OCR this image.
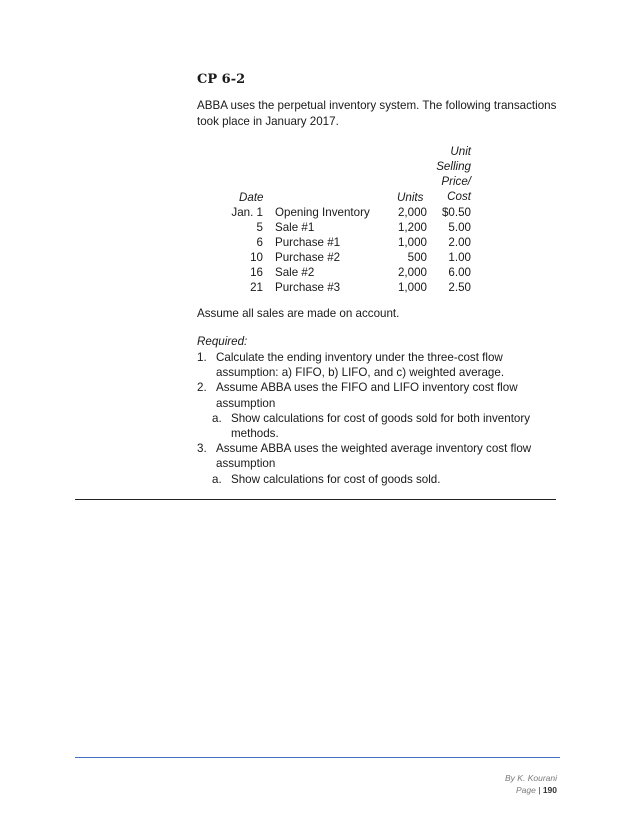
CP 6-2

ABBA uses the perpetual inventory system. The following transactions took place in January 2017.

Unit
Selling
Price/
Cost
Date	Units
Jan. 1 Opening Inventory	2,000	$0.50
5 Sale #1	1,200	5.00
6 Purchase #1	1,000	2.00
10 Purchase #2	500	1.00
16 Sale #2	2,000	6.00
21 Purchase #3	1,000	2.50
Assume all sales are made on account.
Required:
1. Calculate the ending inventory under the three-cost flow assumption: a) FIFO, b) LIFO, and c) weighted average.
2. Assume ABBA uses the FIFO and LIFO inventory cost flow assumption
a. Show calculations for cost of goods sold for both inventory methods.
3. Assume ABBA uses the weighted average inventory cost flow assumption
a. Show calculations for cost of goods sold.
By K. Kourani
Page | 190
